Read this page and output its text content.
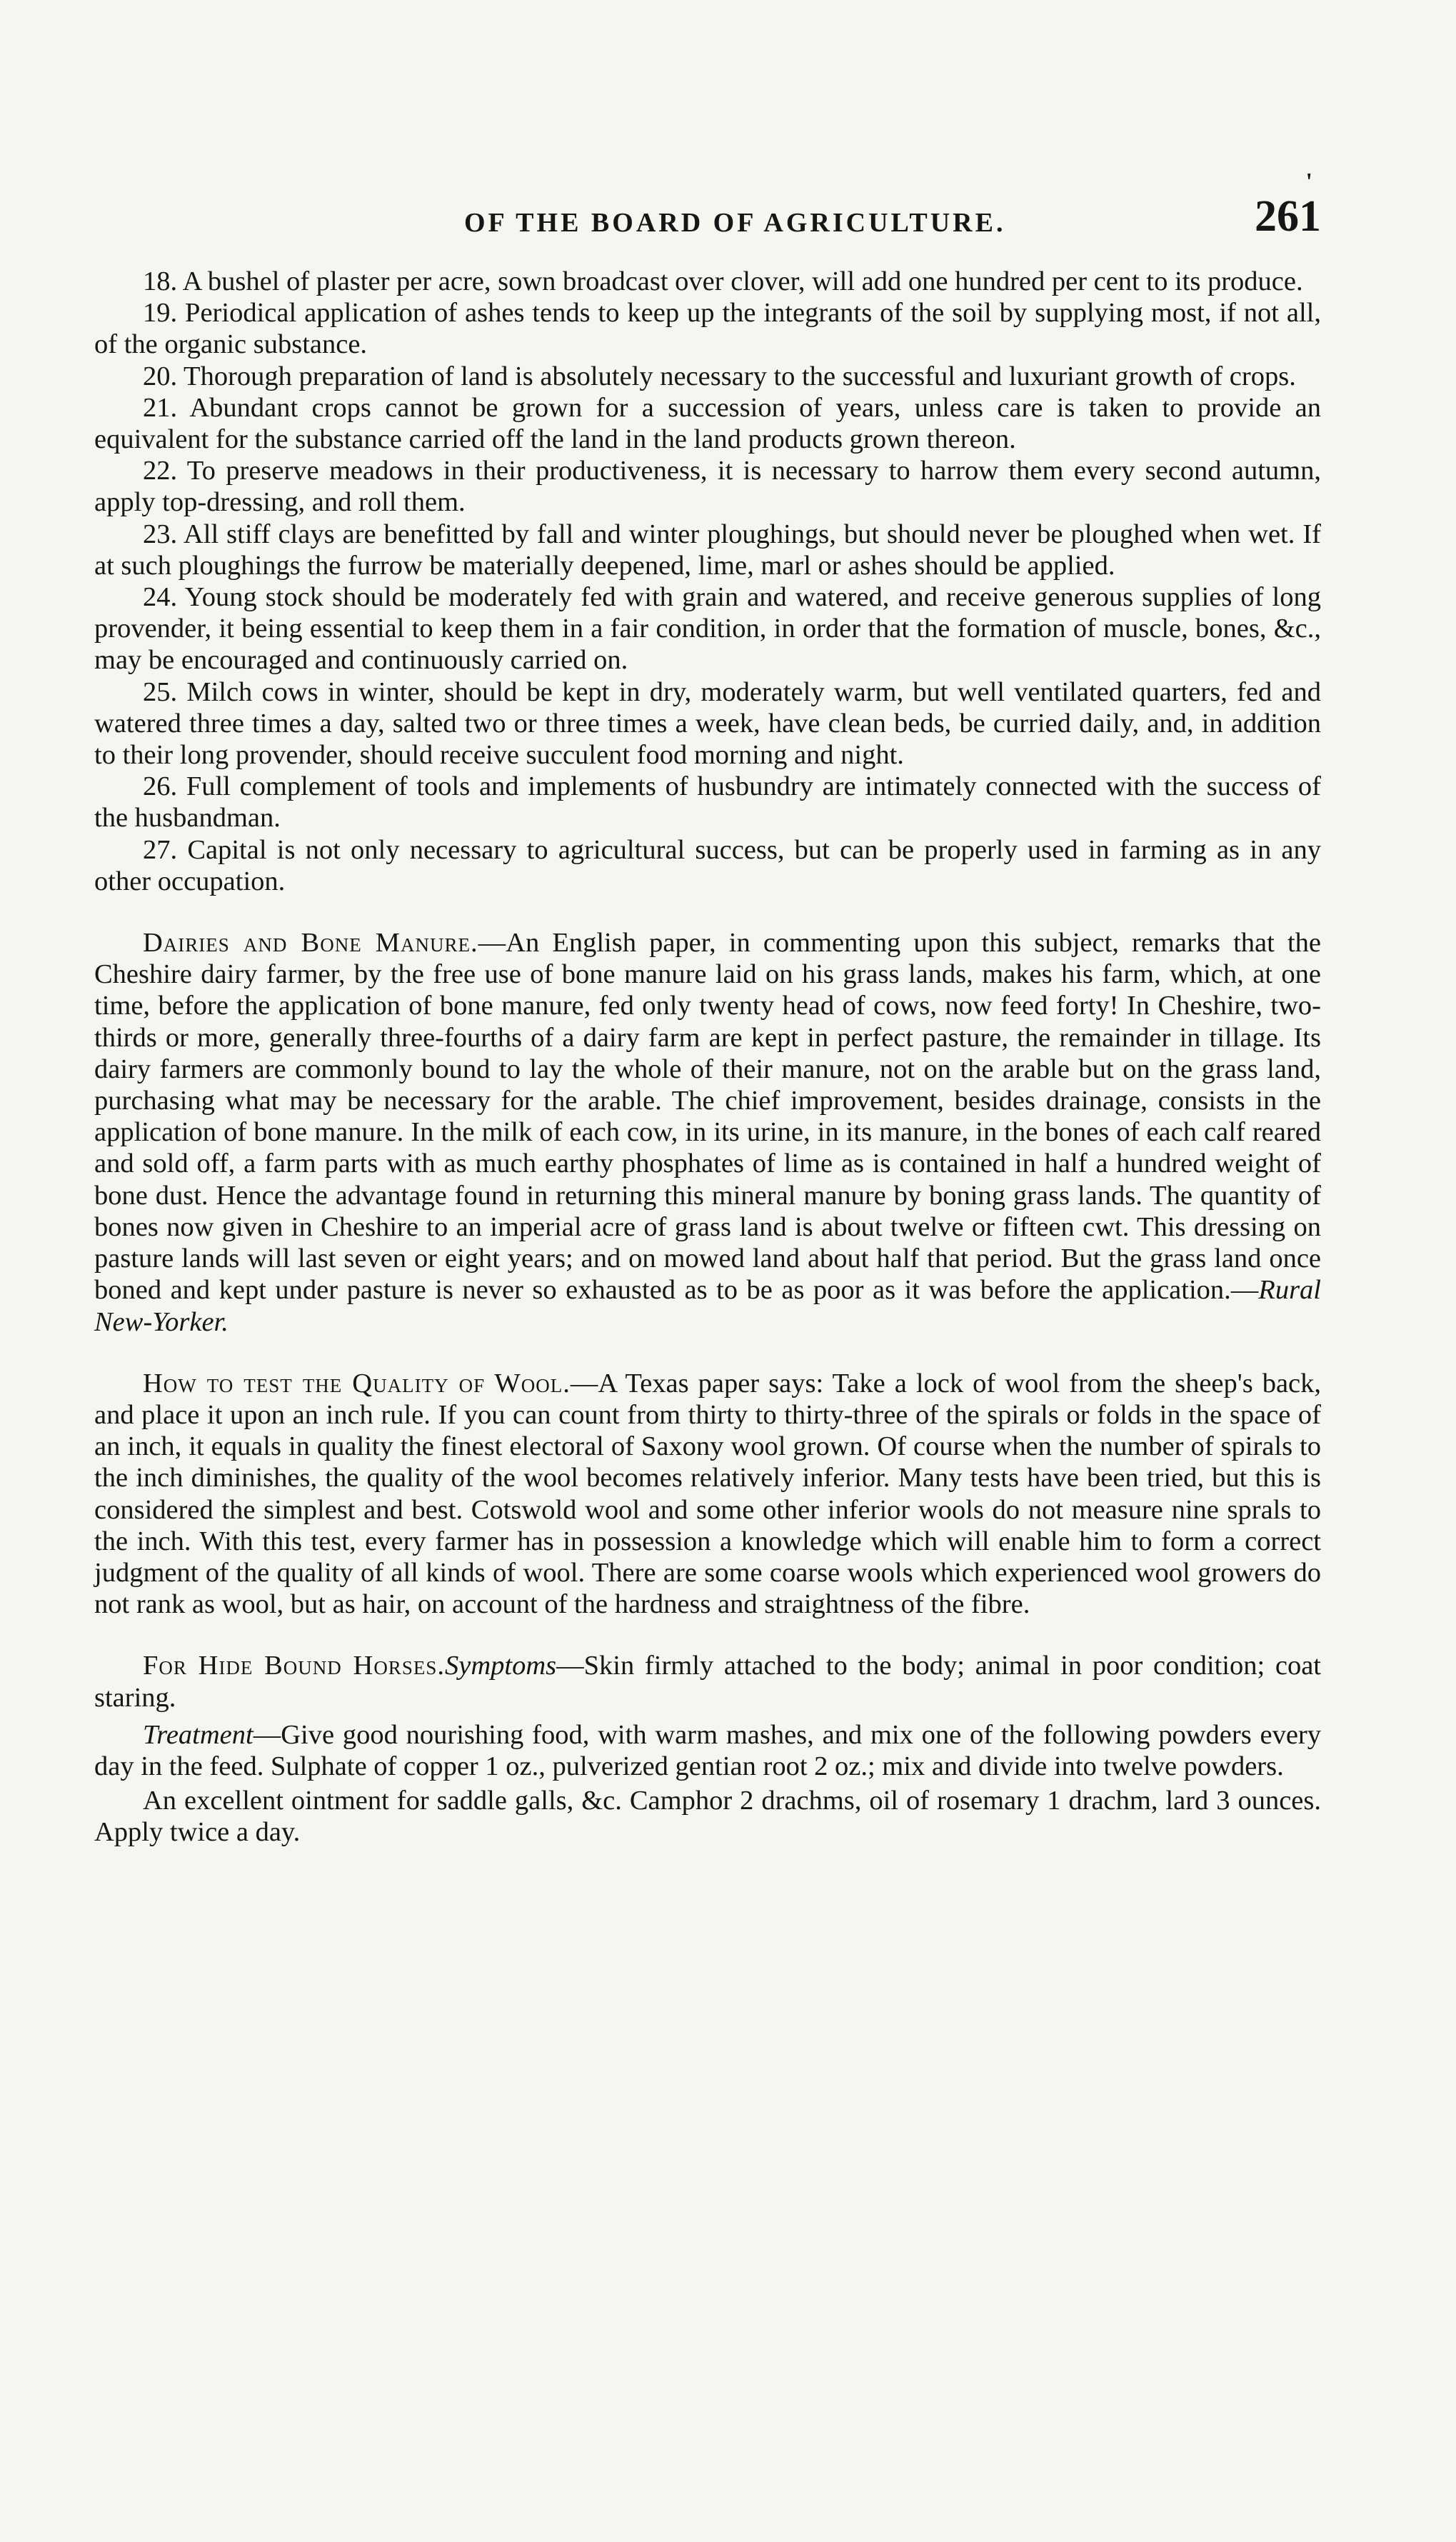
OF THE BOARD OF AGRICULTURE.	261
'

18. A bushel of plaster per acre, sown broadcast over clover, will add one hundred per cent to its produce.

19. Periodical application of ashes tends to keep up the integrants of the soil by supplying most, if not all, of the organic substance.

20. Thorough preparation of land is absolutely necessary to the successful and luxuriant growth of crops.

21. Abundant crops cannot be grown for a succession of years, unless care is taken to provide an equivalent for the substance carried off the land in the land products grown thereon.

22. To preserve meadows in their productiveness, it is necessary to harrow them every second autumn, apply top-dressing, and roll them.

23. All stiff clays are benefitted by fall and winter ploughings, but should never be ploughed when wet. If at such ploughings the furrow be materially deepened, lime, marl or ashes should be applied.

24. Young stock should be moderately fed with grain and watered, and receive generous supplies of long provender, it being essential to keep them in a fair condition, in order that the formation of muscle, bones, &c., may be encouraged and continuously carried on.

25. Milch cows in winter, should be kept in dry, moderately warm, but well ventilated quarters, fed and watered three times a day, salted two or three times a week, have clean beds, be curried daily, and, in addition to their long provender, should receive succulent food morning and night.

26. Full complement of tools and implements of husbundry are intimately connected with the success of the husbandman.

27. Capital is not only necessary to agricultural success, but can be properly used in farming as in any other occupation.

Dairies and Bone Manure.—An English paper, in commenting upon this subject, remarks that the Cheshire dairy farmer, by the free use of bone manure laid on his grass lands, makes his farm, which, at one time, before the application of bone manure, fed only twenty head of cows, now feed forty! In Cheshire, two-thirds or more, generally three-fourths of a dairy farm are kept in perfect pasture, the remainder in tillage. Its dairy farmers are commonly bound to lay the whole of their manure, not on the arable but on the grass land, purchasing what may be necessary for the arable. The chief improvement, besides drainage, consists in the application of bone manure. In the milk of each cow, in its urine, in its manure, in the bones of each calf reared and sold off, a farm parts with as much earthy phosphates of lime as is contained in half a hundred weight of bone dust. Hence the advantage found in returning this mineral manure by boning grass lands. The quantity of bones now given in Cheshire to an imperial acre of grass land is about twelve or fifteen cwt. This dressing on pasture lands will last seven or eight years; and on mowed land about half that period. But the grass land once boned and kept under pasture is never so exhausted as to be as poor as it was before the application.—Rural New-Yorker.

How to test the Quality of Wool.—A Texas paper says: Take a lock of wool from the sheep's back, and place it upon an inch rule. If you can count from thirty to thirty-three of the spirals or folds in the space of an inch, it equals in quality the finest electoral of Saxony wool grown. Of course when the number of spirals to the inch diminishes, the quality of the wool becomes relatively inferior. Many tests have been tried, but this is considered the simplest and best. Cotswold wool and some other inferior wools do not measure nine sprals to the inch. With this test, every farmer has in possession a knowledge which will enable him to form a correct judgment of the quality of all kinds of wool. There are some coarse wools which experienced wool growers do not rank as wool, but as hair, on account of the hardness and straightness of the fibre.

For Hide Bound Horses.Symptoms—Skin firmly attached to the body; animal in poor condition; coat staring.

Treatment—Give good nourishing food, with warm mashes, and mix one of the following powders every day in the feed. Sulphate of copper 1 oz., pulverized gentian root 2 oz.; mix and divide into twelve powders.

An excellent ointment for saddle galls, &c. Camphor 2 drachms, oil of rosemary 1 drachm, lard 3 ounces. Apply twice a day.
